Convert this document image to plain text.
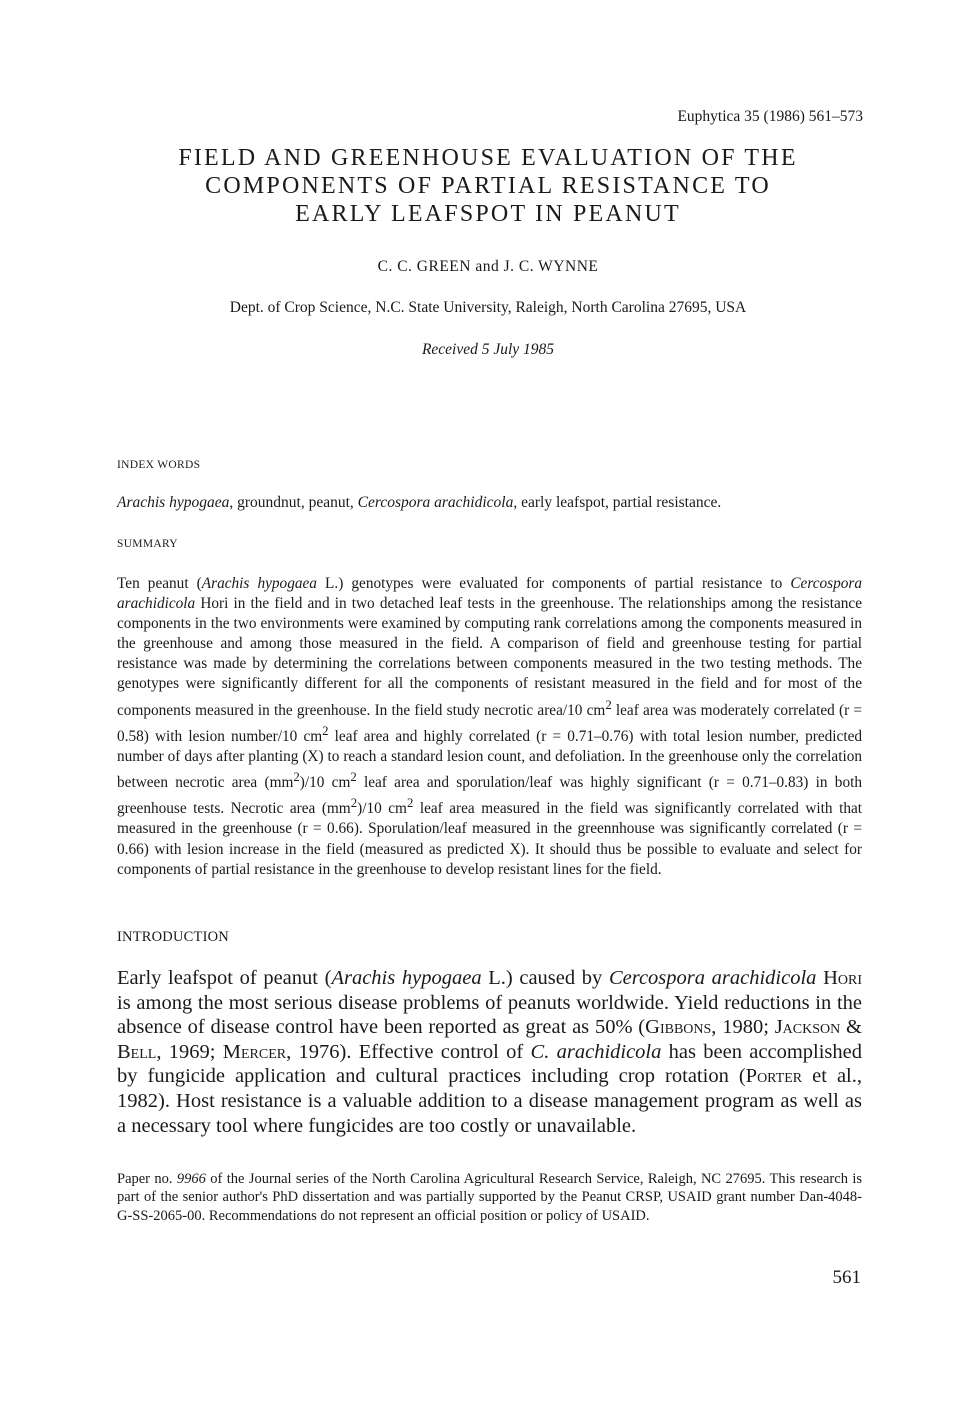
Euphytica 35 (1986) 561–573
FIELD AND GREENHOUSE EVALUATION OF THE
COMPONENTS OF PARTIAL RESISTANCE TO
EARLY LEAFSPOT IN PEANUT
C. C. GREEN and J. C. WYNNE
Dept. of Crop Science, N.C. State University, Raleigh, North Carolina 27695, USA
Received 5 July 1985
INDEX WORDS
Arachis hypogaea, groundnut, peanut, Cercospora arachidicola, early leafspot, partial resistance.
SUMMARY

Ten peanut (Arachis hypogaea L.) genotypes were evaluated for components of partial resistance to Cercospora arachidicola Hori in the field and in two detached leaf tests in the greenhouse. The relationships among the resistance components in the two environments were examined by computing rank correlations among the components measured in the greenhouse and among those measured in the field. A comparison of field and greenhouse testing for partial resistance was made by determining the correlations between components measured in the two testing methods. The genotypes were significantly different for all the components of resistant measured in the field and for most of the components measured in the greenhouse. In the field study necrotic area/10 $cm^2$ leaf area was moderately correlated (r = 0.58) with lesion number/10 $cm^2$ leaf area and highly correlated (r = 0.71–0.76) with total lesion number, predicted number of days after planting (X) to reach a standard lesion count, and defoliation. In the greenhouse only the correlation between necrotic area $(mm^2)/10$ $cm^2$ leaf area and sporulation/leaf was highly significant (r = 0.71–0.83) in both greenhouse tests. Necrotic area $(mm^2)/10$ $cm^2$ leaf area measured in the field was significantly correlated with that measured in the greenhouse (r = 0.66). Sporulation/leaf measured in the greennhouse was significantly correlated (r = 0.66) with lesion increase in the field (measured as predicted X). It should thus be possible to evaluate and select for components of partial resistance in the greenhouse to develop resistant lines for the field.

INTRODUCTION

Early leafspot of peanut (Arachis hypogaea L.) caused by Cercospora arachidicola Hori is among the most serious disease problems of peanuts worldwide. Yield reductions in the absence of disease control have been reported as great as 50% (Gibbons, 1980; Jackson & Bell, 1969; Mercer, 1976). Effective control of C. arachidicola has been accomplished by fungicide application and cultural practices including crop rotation (Porter et al., 1982). Host resistance is a valuable addition to a disease management program as well as a necessary tool where fungicides are too costly or unavailable.

Paper no. 9966 of the Journal series of the North Carolina Agricultural Research Service, Raleigh, NC 27695. This research is part of the senior author's PhD dissertation and was partially supported by the Peanut CRSP, USAID grant number Dan-4048-G-SS-2065-00. Recommendations do not represent an official position or policy of USAID.

561
